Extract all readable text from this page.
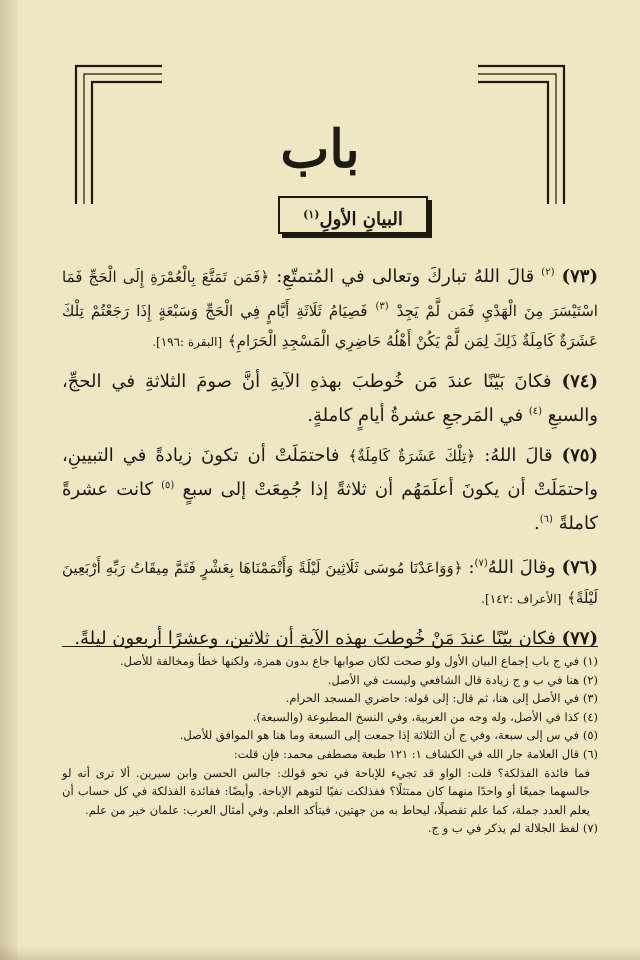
باب
البيانِ الأولِ$^{(١)}$

(٧٣) $^{(٢)}$ قالَ اللهُ تباركَ وتعالى في المُتمتّعِ: ﴿فَمَن تَمَتَّعَ بِالْعُمْرَةِ إِلَى الْحَجِّ فَمَا اسْتَيْسَرَ مِنَ الْهَدْيِ فَمَن لَّمْ يَجِدْ $^{(٣)}$ فَصِيَامُ ثَلَاثَةِ أَيَّامٍ فِي الْحَجِّ وَسَبْعَةٍ إِذَا رَجَعْتُمْ تِلْكَ عَشَرَةٌ كَامِلَةٌ ذَلِكَ لِمَن لَّمْ يَكُنْ أَهْلُهُ حَاضِرِي الْمَسْجِدِ الْحَرَامِ﴾ [البقرة :١٩٦].

(٧٤) فكانَ بَيّنًا عندَ مَن خُوطبَ بهذهِ الآيةِ أنَّ صومَ الثلاثةِ في الحجِّ، والسبعِ $^{(٤)}$ في المَرجعِ عشرةُ أيامٍ كاملةٍ.

(٧٥) قالَ اللهُ: ﴿تِلْكَ عَشَرَةٌ كَامِلَةٌ﴾ فاحتمَلَتْ أن تكونَ زيادةً في التبيينِ، واحتمَلَتْ أن يكونَ أعلَمَهُم أن ثلاثةً إذا جُمِعَتْ إلى سبعٍ $^{(٥)}$ كانت عشرةً كاملةً $^{(٦)}$.

(٧٦) وقالَ اللهُ$^{(٧)}$: ﴿وَوَاعَدْنَا مُوسَى ثَلَاثِينَ لَيْلَةً وَأَتْمَمْنَاهَا بِعَشْرٍ فَتَمَّ مِيقَاتُ رَبِّهِ أَرْبَعِينَ لَيْلَةً﴾ [الأعراف :١٤٢].

(٧٧) فكان بيّنًا عندَ مَنْ خُوطبَ بهذه الآيةِ أن ثلاثين، وعشرًا أربعون ليلةً.

(١) في ج باب إجماع البيان الأول ولو صحت لكان صوابها جاع بدون همزة، ولكنها خطأ ومخالفة للأصل.

(٢) هنا في ب و ج زيادة قال الشافعي وليست في الأصل.

(٣) في الأصل إلى هنا، ثم قال: إلى قوله: حاضري المسجد الحرام.

(٤) كذا في الأصل، وله وجه من العربية، وفي النسخ المطبوعة (والسبعة).

(٥) في س إلى سبعة، وفي ج أن الثلاثة إذا جمعت إلى السبعة وما هنا هو الموافق للأصل.

(٦) قال العلامة جار الله في الكشاف ١: ١٢١ طبعة مصطفى محمد: فإن قلت:

فما فائدة الفذلكة؟ قلت: الواو قد تجيء للإباحة في نحو قولك: جالس الحسن وابن سيرين. ألا ترى أنه لو جالسهما جميعًا أو واحدًا منهما كان ممتثلًا؟ ففذلكت نفيًا لتوهم الإباحة. وأيضًا: ففائدة الفذلكة في كل حساب أن يعلم العدد جملة، كما علم تفصيلًا، ليحاط به من جهتين، فيتأكد العلم. وفي أمثال العرب: علمان خير من علم.

(٧) لفظ الجلالة لم يذكر في ب و ج.
